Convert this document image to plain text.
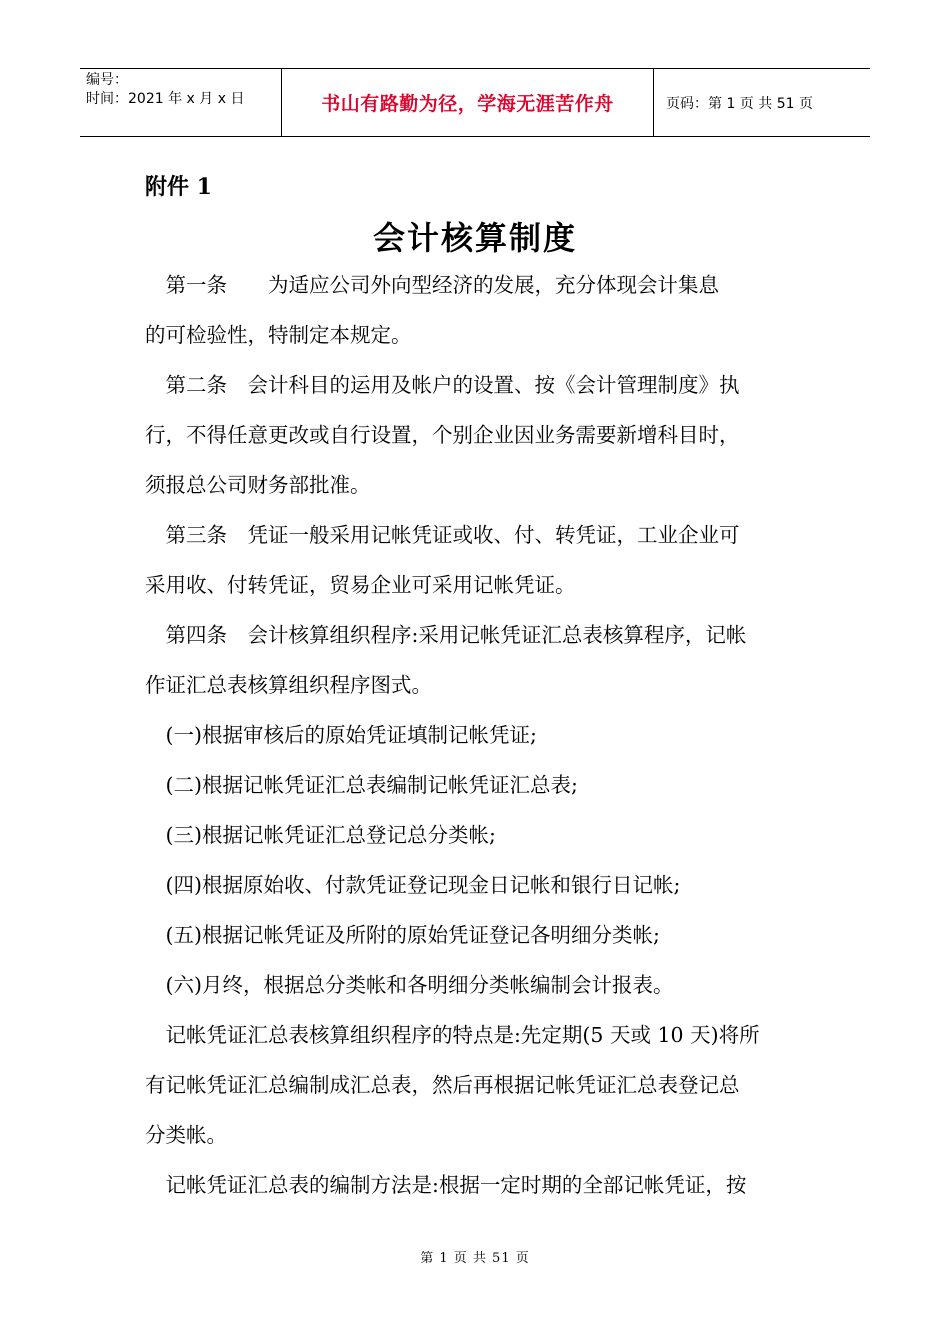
编号：
时间：2021 年 x 月 x 日	书山有路勤为径，学海无涯苦作舟	页码：第 1 页 共 51 页
附件 1
会计核算制度

　第一条　　为适应公司外向型经济的发展，充分体现会计集息

的可检验性，特制定本规定。

　第二条　会计科目的运用及帐户的设置、按《会计管理制度》执

行，不得任意更改或自行设置，个别企业因业务需要新增科目时，

须报总公司财务部批准。

　第三条　凭证一般采用记帐凭证或收、付、转凭证，工业企业可

采用收、付转凭证，贸易企业可采用记帐凭证。

　第四条　会计核算组织程序:采用记帐凭证汇总表核算程序，记帐

作证汇总表核算组织程序图式。

　(一)根据审核后的原始凭证填制记帐凭证;

　(二)根据记帐凭证汇总表编制记帐凭证汇总表;

　(三)根据记帐凭证汇总登记总分类帐;

　(四)根据原始收、付款凭证登记现金日记帐和银行日记帐;

　(五)根据记帐凭证及所附的原始凭证登记各明细分类帐;

　(六)月终，根据总分类帐和各明细分类帐编制会计报表。

　记帐凭证汇总表核算组织程序的特点是:先定期(5 天或 10 天)将所

有记帐凭证汇总编制成汇总表，然后再根据记帐凭证汇总表登记总

分类帐。

　记帐凭证汇总表的编制方法是:根据一定时期的全部记帐凭证，按

第 1 页 共 51 页
